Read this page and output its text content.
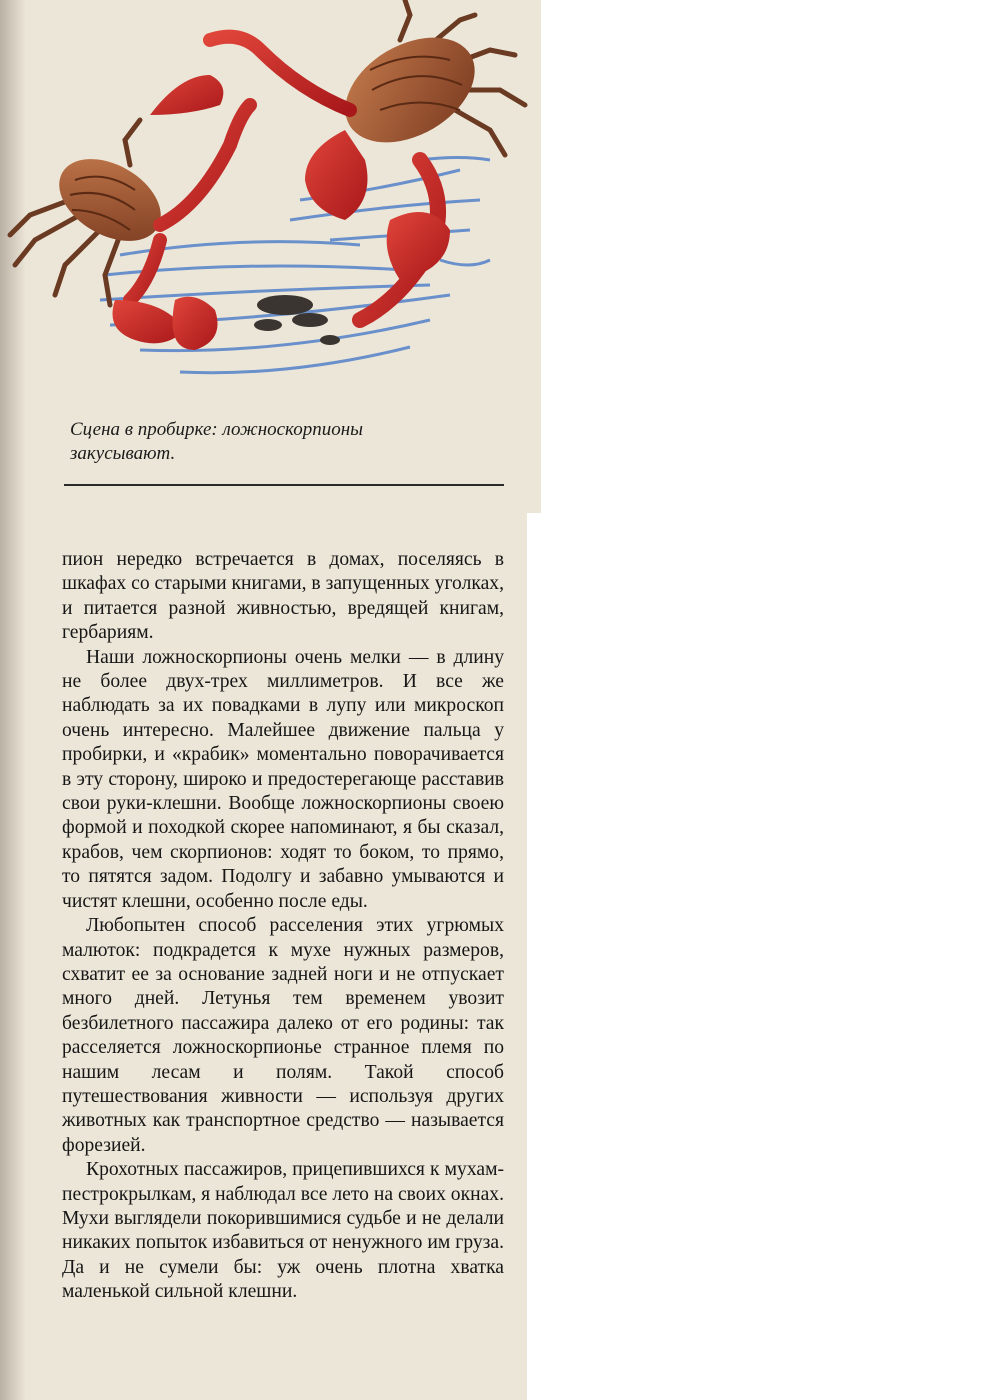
Сцена в пробирке: ложноскорпионы
закусывают.

пион нередко встречается в домах, поселяясь в шкафах со старыми книгами, в запущенных уголках, и питается разной живностью, вредящей книгам, гербариям.

Наши ложноскорпионы очень мелки — в длину не более двух-трех миллиметров. И все же наблюдать за их повадками в лупу или микроскоп очень интересно. Малейшее движение пальца у пробирки, и «крабик» моментально поворачивается в эту сторону, широко и предостерегающе расставив свои руки-клешни. Вообще ложноскорпионы своею формой и походкой скорее напоминают, я бы сказал, крабов, чем скорпионов: ходят то боком, то прямо, то пятятся задом. Подолгу и забавно умываются и чистят клешни, особенно после еды.

Любопытен способ расселения этих угрюмых малюток: подкрадется к мухе нужных размеров, схватит ее за основание задней ноги и не отпускает много дней. Летунья тем временем увозит безбилетного пассажира далеко от его родины: так расселяется ложноскорпионье странное племя по нашим лесам и полям. Такой способ путешествования живности — используя других животных как транспортное средство — называется форезией.

Крохотных пассажиров, прицепившихся к мухам-пестрокрылкам, я наблюдал все лето на своих окнах. Мухи выглядели покорившимися судьбе и не делали никаких попыток избавиться от ненужного им груза. Да и не сумели бы: уж очень плотна хватка маленькой сильной клешни.
